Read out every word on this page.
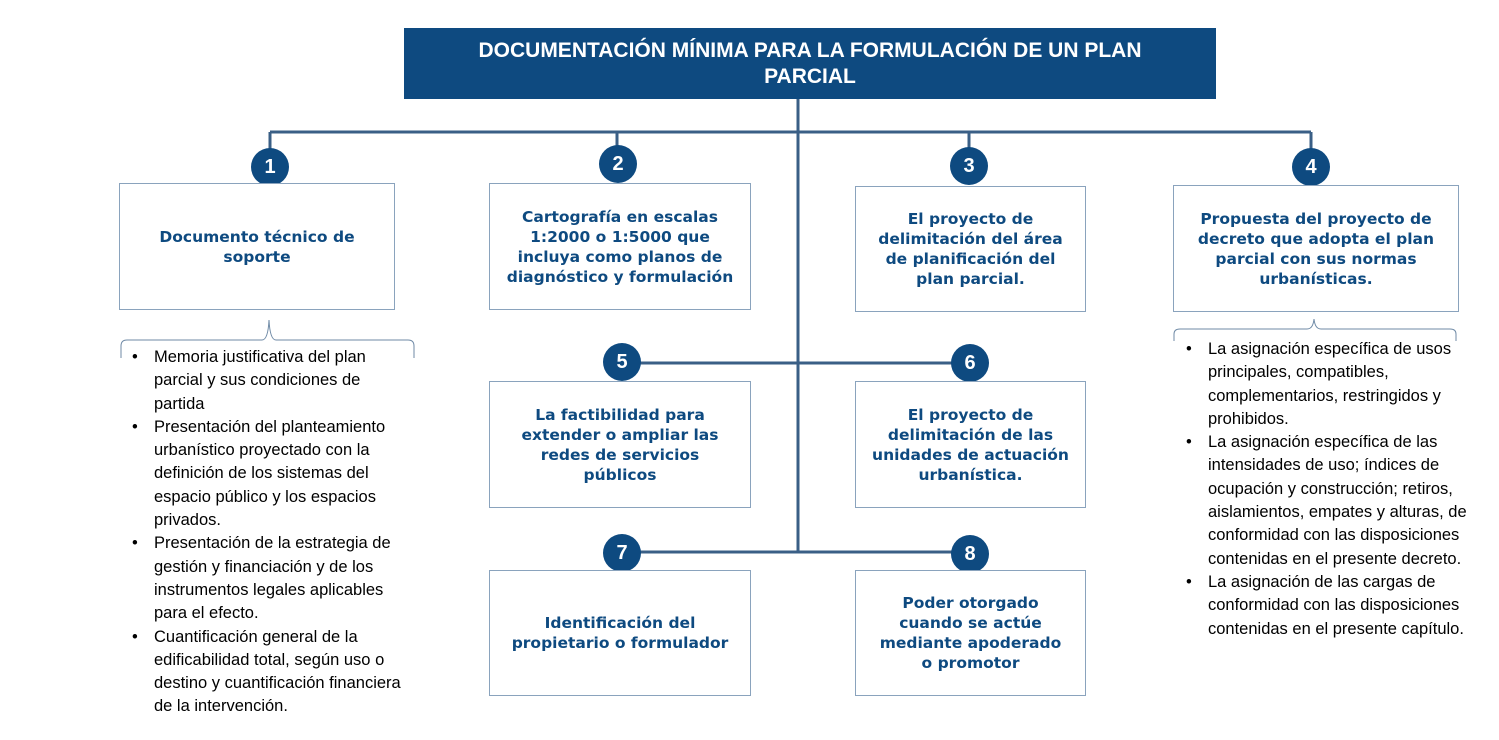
DOCUMENTACIÓN MÍNIMA PARA LA FORMULACIÓN DE UN PLAN PARCIAL
1	2	3	4
5	6
7	8
Documento técnico de soporte
Cartografía en escalas 1:2000 o 1:5000 que incluya como planos de diagnóstico y formulación
El proyecto de delimitación del área de planificación del plan parcial.
Propuesta del proyecto de decreto que adopta el plan parcial con sus normas urbanísticas.
La factibilidad para extender o ampliar las redes de servicios públicos
El proyecto de delimitación de las unidades de actuación urbanística.
Identificación del propietario o formulador
Poder otorgado cuando se actúe mediante apoderado o promotor
• Memoria justificativa del plan parcial y sus condiciones de partida
• Presentación del planteamiento urbanístico proyectado con la definición de los sistemas del espacio público y los espacios privados.
• Presentación de la estrategia de gestión y financiación y de los instrumentos legales aplicables para el efecto.
• Cuantificación general de la edificabilidad total, según uso o destino y cuantificación financiera de la intervención.
• La asignación específica de usos principales, compatibles, complementarios, restringidos y prohibidos.
• La asignación específica de las intensidades de uso; índices de ocupación y construcción; retiros, aislamientos, empates y alturas, de conformidad con las disposiciones contenidas en el presente decreto.
• La asignación de las cargas de conformidad con las disposiciones contenidas en el presente capítulo.
